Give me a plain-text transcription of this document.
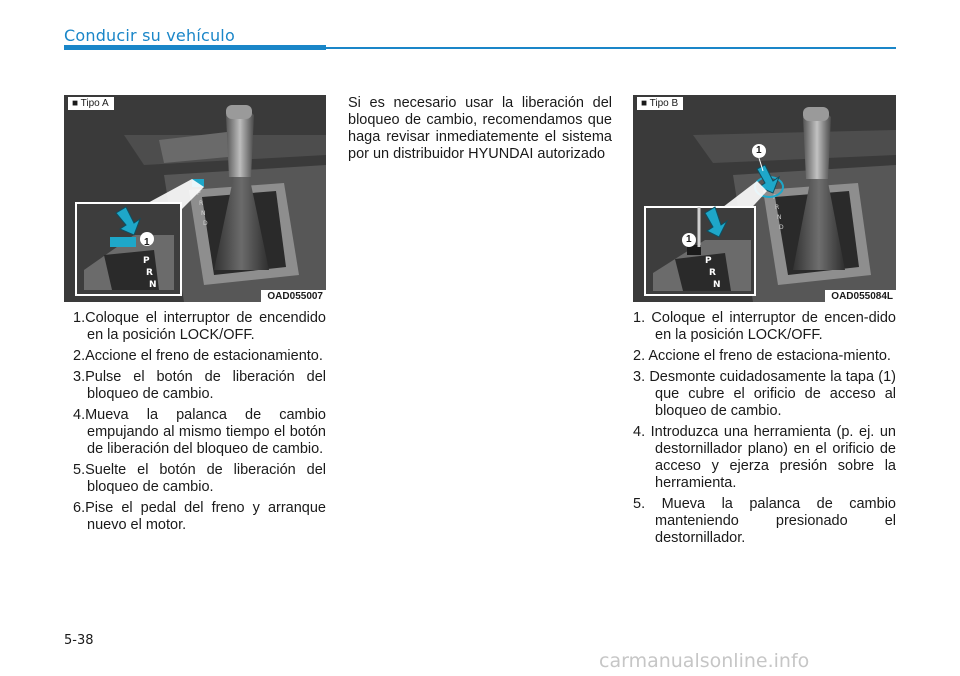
Conducir su vehículo
■ Tipo A
P
R
N
D
P
R
N
1
OAD055007
1.Coloque el interruptor de encendido en la posición LOCK/OFF.
2.Accione el freno de estacionamiento.
3.Pulse el botón de liberación del bloqueo de cambio.
4.Mueva la palanca de cambio empujando al mismo tiempo el botón de liberación del bloqueo de cambio.
5.Suelte el botón de liberación del bloqueo de cambio.
6.Pise el pedal del freno y arranque nuevo el motor.
Si es necesario usar la liberación del bloqueo de cambio, recomendamos que haga revisar inmediatemente el sistema por un distribuidor HYUNDAI autorizado
■ Tipo B
P
R
N
D
P
R
N
1
1
OAD055084L
1. Coloque el interruptor de encen-dido en la posición LOCK/OFF.
2. Accione el freno de estaciona-miento.
3. Desmonte cuidadosamente la tapa (1) que cubre el orificio de acceso al bloqueo de cambio.
4. Introduzca una herramienta (p. ej. un destornillador plano) en el orificio de acceso y ejerza presión sobre la herramienta.
5. Mueva la palanca de cambio manteniendo presionado el destornillador.
5-38
carmanualsonline.info
